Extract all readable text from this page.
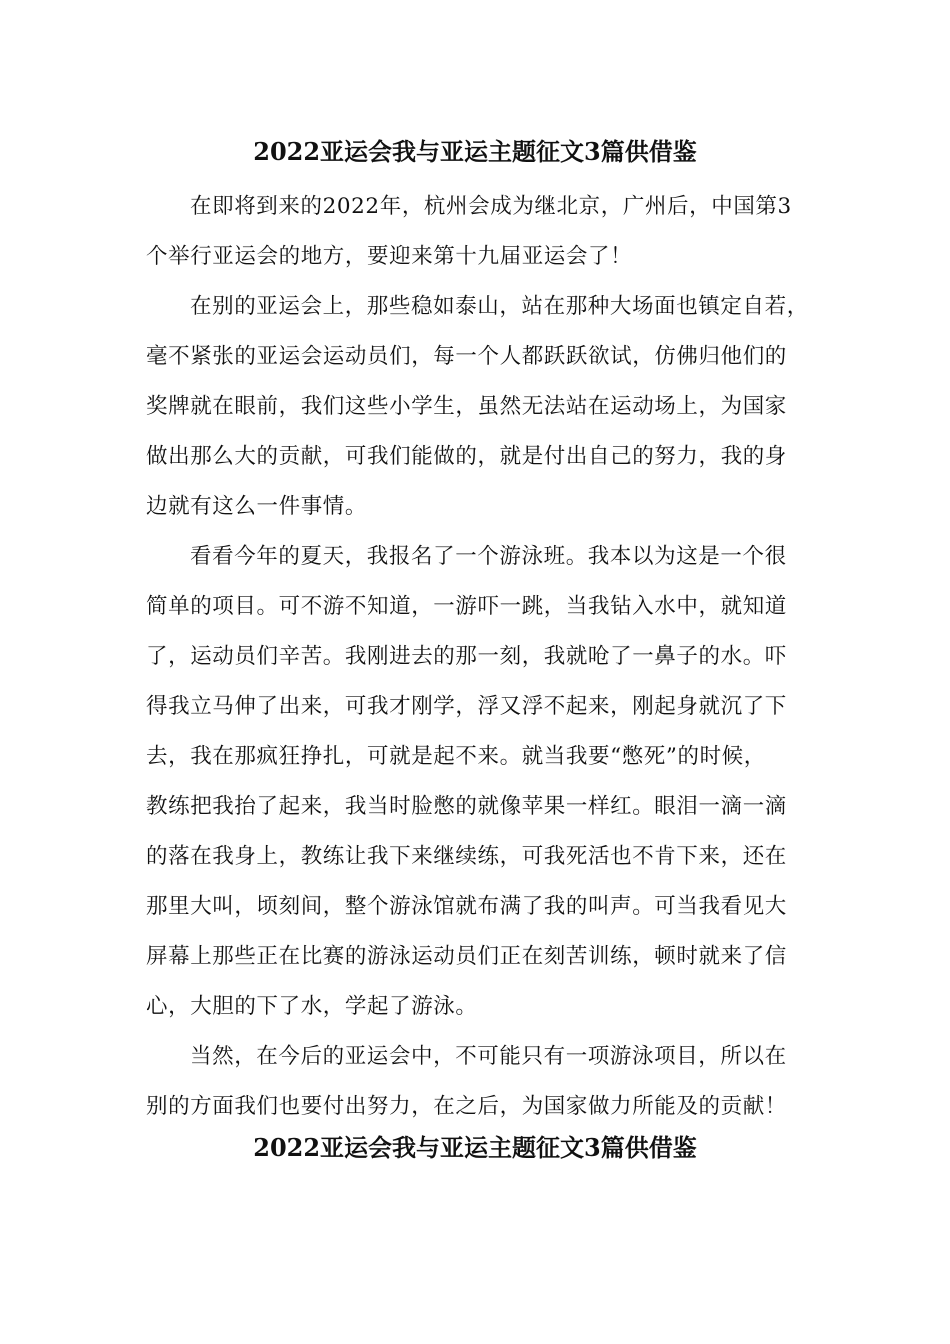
2022亚运会我与亚运主题征文3篇供借鉴
在即将到来的2022年，杭州会成为继北京，广州后，中国第3
个举行亚运会的地方，要迎来第十九届亚运会了！
在别的亚运会上，那些稳如泰山，站在那种大场面也镇定自若，
毫不紧张的亚运会运动员们，每一个人都跃跃欲试，仿佛归他们的
奖牌就在眼前，我们这些小学生，虽然无法站在运动场上，为国家
做出那么大的贡献，可我们能做的，就是付出自己的努力，我的身
边就有这么一件事情。
看看今年的夏天，我报名了一个游泳班。我本以为这是一个很
简单的项目。可不游不知道，一游吓一跳，当我钻入水中，就知道
了，运动员们辛苦。我刚进去的那一刻，我就呛了一鼻子的水。吓
得我立马伸了出来，可我才刚学，浮又浮不起来，刚起身就沉了下
去，我在那疯狂挣扎，可就是起不来。就当我要“憋死”的时候，
教练把我抬了起来，我当时脸憋的就像苹果一样红。眼泪一滴一滴
的落在我身上，教练让我下来继续练，可我死活也不肯下来，还在
那里大叫，顷刻间，整个游泳馆就布满了我的叫声。可当我看见大
屏幕上那些正在比赛的游泳运动员们正在刻苦训练，顿时就来了信
心，大胆的下了水，学起了游泳。
当然，在今后的亚运会中，不可能只有一项游泳项目，所以在
别的方面我们也要付出努力，在之后，为国家做力所能及的贡献！
2022亚运会我与亚运主题征文3篇供借鉴
